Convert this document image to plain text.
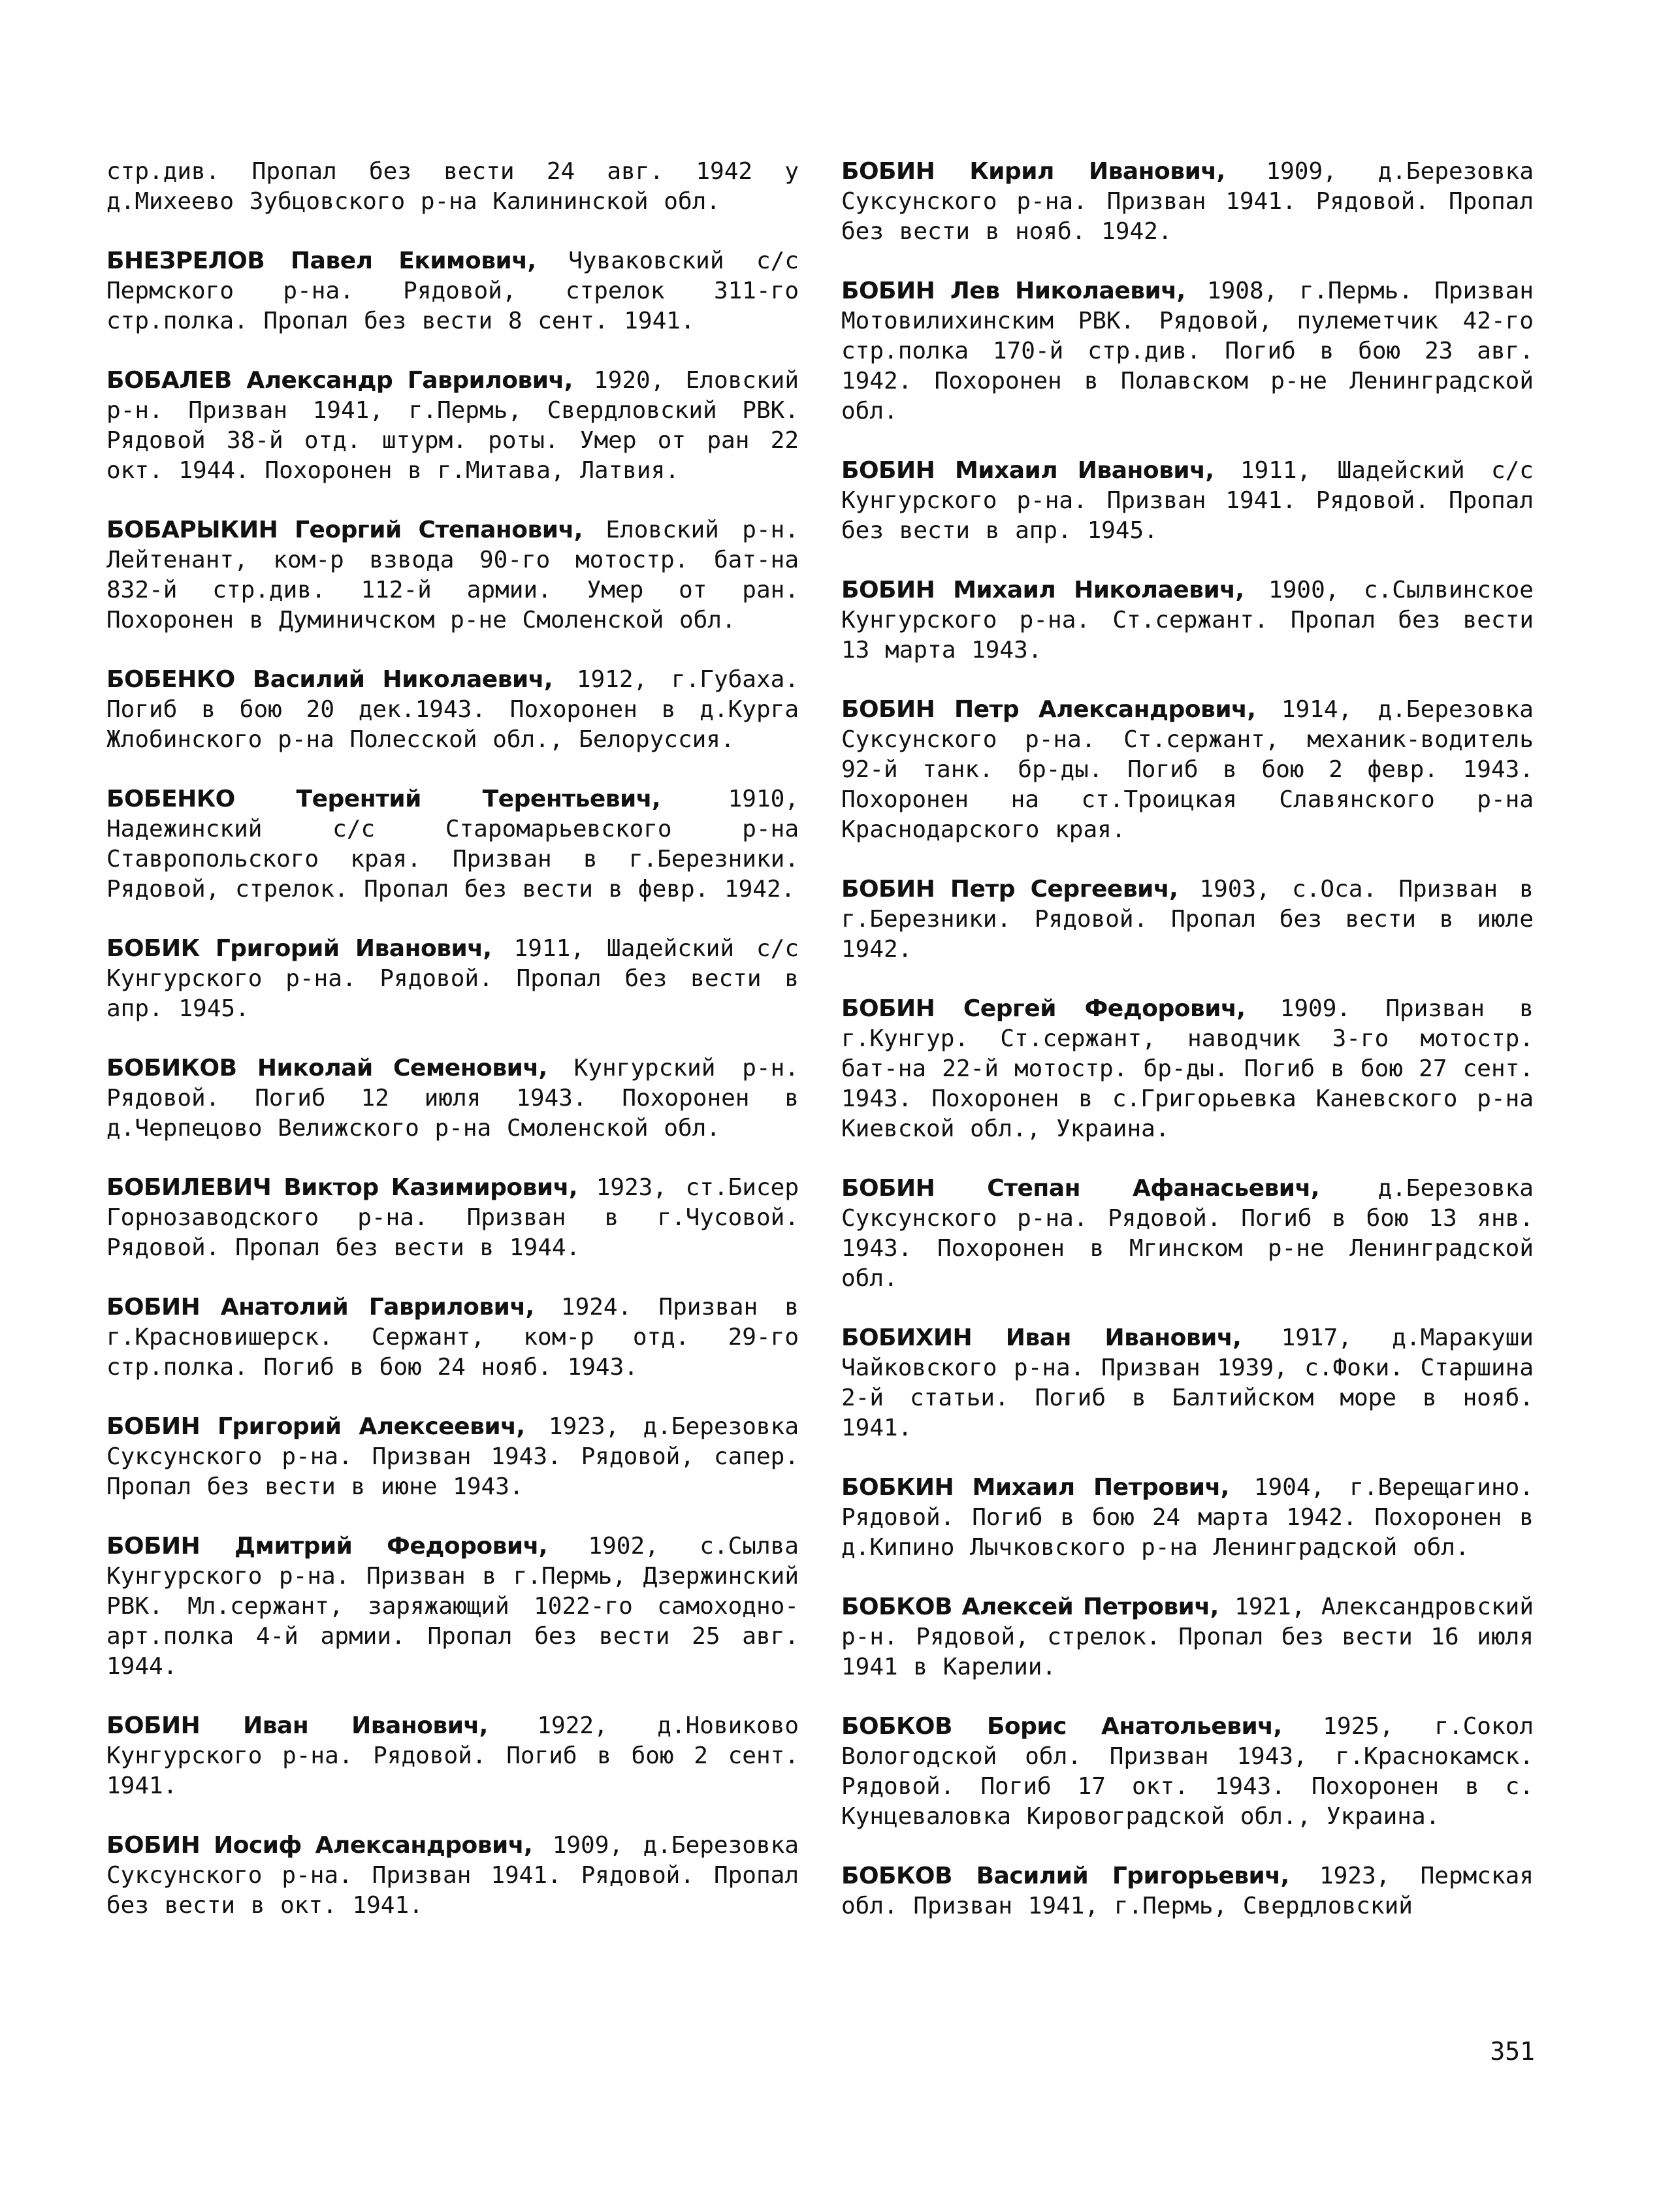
стр.див. Пропал без вести 24 авг. 1942 у д.Михеево Зубцовского р-на Калининской обл.

БНЕЗРЕЛОВ Павел Екимович, Чуваковский с/с Пермского р-на. Рядовой, стрелок 311-го стр.полка. Пропал без вести 8 сент. 1941.

БОБАЛЕВ Александр Гаврилович, 1920, Еловский р-н. Призван 1941, г.Пермь, Свердловский РВК. Рядовой 38-й отд. штурм. роты. Умер от ран 22 окт. 1944. Похоронен в г.Митава, Латвия.

БОБАРЫКИН Георгий Степанович, Еловский р-н. Лейтенант, ком-р взвода 90-го мотостр. бат-на 832-й стр.див. 112-й армии. Умер от ран. Похоронен в Думиничском р-не Смоленской обл.

БОБЕНКО Василий Николаевич, 1912, г.Губаха. Погиб в бою 20 дек.1943. Похоронен в д.Курга Жлобинского р-на Полесской обл., Белоруссия.

БОБЕНКО Терентий Терентьевич,	1910, Надежинский с/с Старомарьевского р-на Ставропольского края. Призван в г.Березники. Рядовой, стрелок. Пропал без вести в февр. 1942.

БОБИК Григорий Иванович, 1911, Шадейский с/с Кунгурского р-на. Рядовой. Пропал без вести в апр. 1945.

БОБИКОВ Николай Семенович, Кунгурский р-н. Рядовой. Погиб 12 июля 1943. Похоронен в д.Черпецово Велижского р-на Смоленской обл.

БОБИЛЕВИЧ Виктор Казимирович, 1923, ст.Бисер Горнозаводского р-на. Призван в г.Чусовой. Рядовой. Пропал без вести в 1944.

БОБИН Анатолий Гаврилович, 1924. Призван в г.Красновишерск. Сержант, ком-р отд. 29-го стр.полка. Погиб в бою 24 нояб. 1943.

БОБИН Григорий Алексеевич, 1923, д.Березовка Суксунского р-на. Призван 1943. Рядовой, сапер. Пропал без вести в июне 1943.

БОБИН Дмитрий Федорович, 1902, с.Сылва Кунгурского р-на. Призван в г.Пермь, Дзержинский РВК. Мл.сержант, заряжающий 1022-го самоходно-арт.полка 4-й армии. Пропал без вести 25 авг. 1944.

БОБИН Иван Иванович, 1922, д.Новиково Кунгурского р-на. Рядовой. Погиб в бою 2 сент. 1941.

БОБИН Иосиф Александрович, 1909, д.Березовка Суксунского р-на. Призван 1941. Рядовой. Пропал без вести в окт. 1941.

БОБИН Кирил Иванович, 1909, д.Березовка Суксунского р-на. Призван 1941. Рядовой. Пропал без вести в нояб. 1942.

БОБИН Лев Николаевич, 1908, г.Пермь. Призван Мотовилихинским РВК. Рядовой, пулеметчик 42-го стр.полка 170-й стр.див. Погиб в бою 23 авг. 1942. Похоронен в Полавском р-не Ленинградской обл.

БОБИН Михаил Иванович, 1911, Шадейский с/с Кунгурского р-на. Призван 1941. Рядовой. Пропал без вести в апр. 1945.

БОБИН Михаил Николаевич, 1900, с.Сылвинское Кунгурского р-на. Ст.сержант. Пропал без вести 13 марта 1943.

БОБИН Петр Александрович, 1914, д.Березовка Суксунского р-на. Ст.сержант, механик-водитель 92-й танк. бр-ды. Погиб в бою 2 февр. 1943. Похоронен на ст.Троицкая Славянского р-на Краснодарского края.

БОБИН Петр Сергеевич, 1903, с.Оса. Призван в г.Березники. Рядовой. Пропал без вести в июле 1942.

БОБИН Сергей Федорович, 1909. Призван в г.Кунгур. Ст.сержант, наводчик 3-го мотостр. бат-на 22-й мотостр. бр-ды. Погиб в бою 27 сент. 1943. Похоронен в с.Григорьевка Каневского р-на Киевской обл., Украина.

БОБИН Степан Афанасьевич, д.Березовка Суксунского р-на. Рядовой. Погиб в бою 13 янв. 1943. Похоронен в Мгинском р-не Ленинградской обл.

БОБИХИН Иван Иванович, 1917, д.Маракуши Чайковского р-на. Призван 1939, с.Фоки. Старшина 2-й статьи. Погиб в Балтийском море в нояб. 1941.

БОБКИН Михаил Петрович, 1904, г.Верещагино. Рядовой. Погиб в бою 24 марта 1942. Похоронен в д.Кипино Лычковского р-на Ленинградской обл.

БОБКОВ Алексей Петрович, 1921, Александровский р-н. Рядовой, стрелок. Пропал без вести 16 июля 1941 в Карелии.

БОБКОВ Борис Анатольевич, 1925, г.Сокол Вологодской обл. Призван 1943, г.Краснокамск. Рядовой. Погиб 17 окт. 1943. Похоронен в с. Кунцеваловка Кировоградской обл., Украина.

БОБКОВ Василий Григорьевич, 1923, Пермская обл. Призван 1941, г.Пермь, Свердловский

351
